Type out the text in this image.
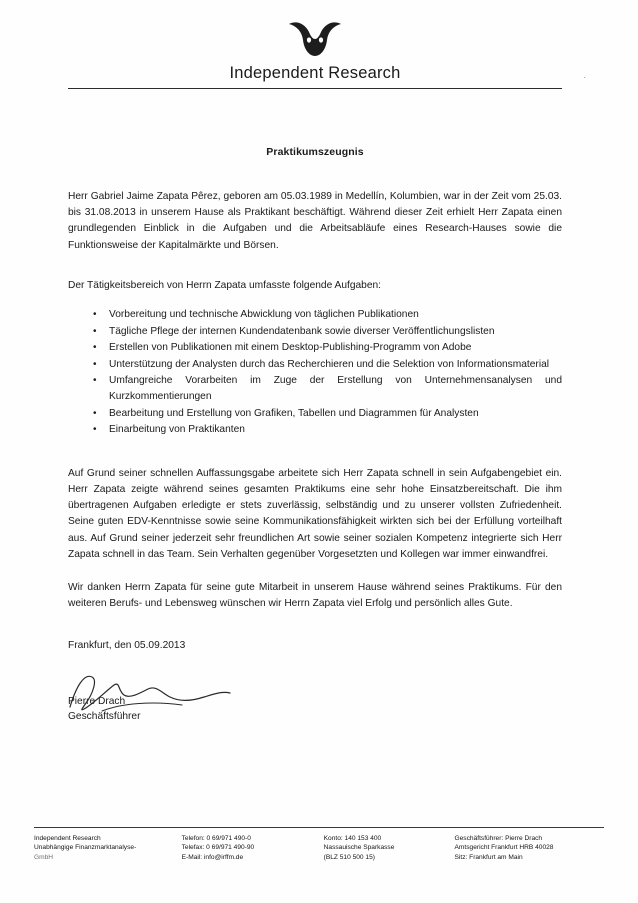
Independent Research	.
Praktikumszeugnis

Herr Gabriel Jaime Zapata Pêrez, geboren am 05.03.1989 in Medellín, Kolumbien, war in der Zeit vom 25.03. bis 31.08.2013 in unserem Hause als Praktikant beschäftigt. Während dieser Zeit erhielt Herr Zapata einen grundlegenden Einblick in die Aufgaben und die Arbeitsabläufe eines Research-Hauses sowie die Funktionsweise der Kapitalmärkte und Börsen.

Der Tätigkeitsbereich von Herrn Zapata umfasste folgende Aufgaben:

• Vorbereitung und technische Abwicklung von täglichen Publikationen
• Tägliche Pflege der internen Kundendatenbank sowie diverser Veröffentlichungslisten
• Erstellen von Publikationen mit einem Desktop-Publishing-Programm von Adobe
• Unterstützung der Analysten durch das Recherchieren und die Selektion von Informationsmaterial
• Umfangreiche Vorarbeiten im Zuge der Erstellung von Unternehmensanalysen und Kurzkommentierungen
• Bearbeitung und Erstellung von Grafiken, Tabellen und Diagrammen für Analysten
• Einarbeitung von Praktikanten

Auf Grund seiner schnellen Auffassungsgabe arbeitete sich Herr Zapata schnell in sein Aufgabengebiet ein. Herr Zapata zeigte während seines gesamten Praktikums eine sehr hohe Einsatzbereitschaft. Die ihm übertragenen Aufgaben erledigte er stets zuverlässig, selbständig und zu unserer vollsten Zufriedenheit. Seine guten EDV-Kenntnisse sowie seine Kommunikationsfähigkeit wirkten sich bei der Erfüllung vorteilhaft aus. Auf Grund seiner jederzeit sehr freundlichen Art sowie seiner sozialen Kompetenz integrierte sich Herr Zapata schnell in das Team. Sein Verhalten gegenüber Vorgesetzten und Kollegen war immer einwandfrei.

Wir danken Herrn Zapata für seine gute Mitarbeit in unserem Hause während seines Praktikums. Für den weiteren Berufs- und Lebensweg wünschen wir Herrn Zapata viel Erfolg und persönlich alles Gute.

Frankfurt, den 05.09.2013

Pierre Drach
Geschäftsführer
Independent Research
Unabhängige Finanzmarktanalyse-
GmbH
Telefon: 0 69/971 490-0
Telefax: 0 69/971 490-90
E-Mail: info@irffm.de
Konto: 140 153 400
Nassauische Sparkasse
(BLZ 510 500 15)
Geschäftsführer: Pierre Drach
Amtsgericht Frankfurt HRB 40028
Sitz: Frankfurt am Main
